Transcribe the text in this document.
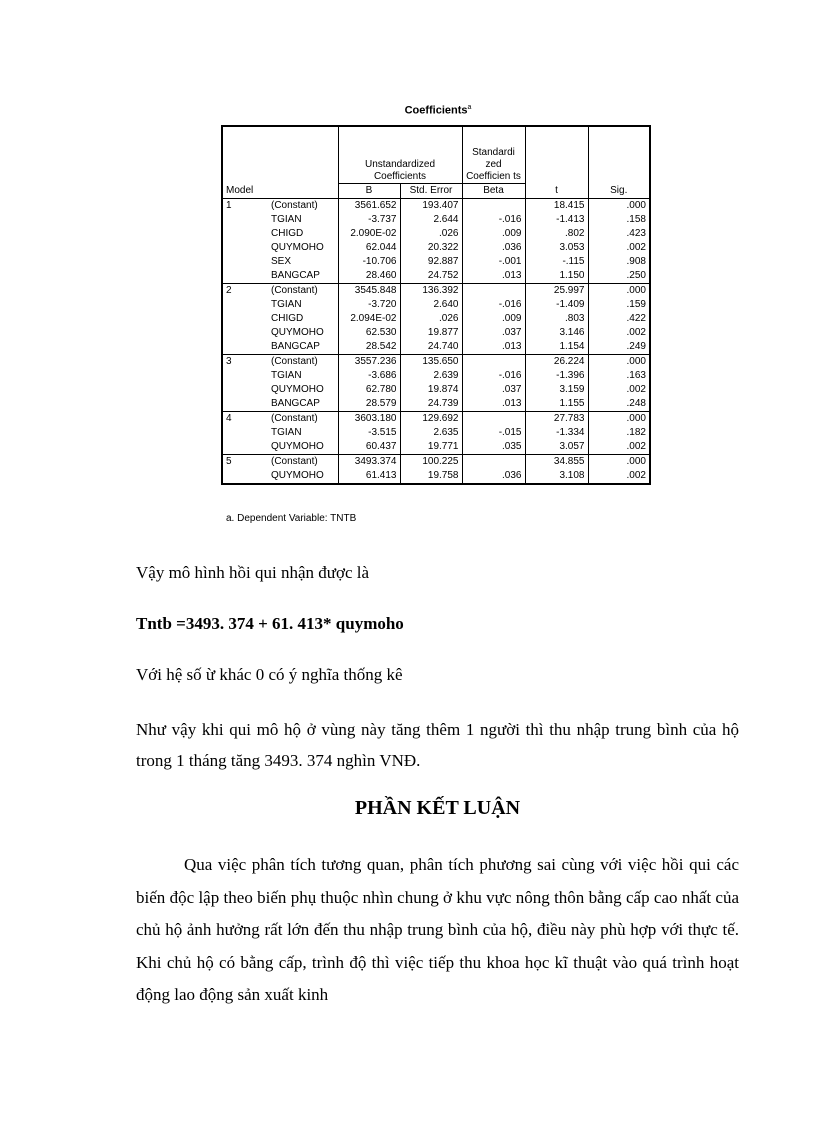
Coefficients$^a$
Model		Unstandardized Coefficients		Standardi zed Coefficien ts	t	Sig.

		B	Std. Error	Beta		
1	(Constant)	3561.652	193.407		18.415	.000
	TGIAN	-3.737	2.644	-.016	-1.413	.158
	CHIGD	2.090E-02	.026	.009	.802	.423
	QUYMOHO	62.044	20.322	.036	3.053	.002
	SEX	-10.706	92.887	-.001	-.115	.908
	BANGCAP	28.460	24.752	.013	1.150	.250
2	(Constant)	3545.848	136.392		25.997	.000
	TGIAN	-3.720	2.640	-.016	-1.409	.159
	CHIGD	2.094E-02	.026	.009	.803	.422
	QUYMOHO	62.530	19.877	.037	3.146	.002
	BANGCAP	28.542	24.740	.013	1.154	.249
3	(Constant)	3557.236	135.650		26.224	.000
	TGIAN	-3.686	2.639	-.016	-1.396	.163
	QUYMOHO	62.780	19.874	.037	3.159	.002
	BANGCAP	28.579	24.739	.013	1.155	.248
4	(Constant)	3603.180	129.692		27.783	.000
	TGIAN	-3.515	2.635	-.015	-1.334	.182
	QUYMOHO	60.437	19.771	.035	3.057	.002
5	(Constant)	3493.374	100.225		34.855	.000
	QUYMOHO	61.413	19.758	.036	3.108	.002
a. Dependent Variable: TNTB

Vậy mô hình hồi qui nhận được là

Tntb =3493. 374 + 61. 413* quymoho

Với hệ số ừ khác 0 có ý nghĩa thống kê

Như vậy khi qui mô hộ ở vùng này tăng thêm 1 người thì thu nhập trung bình của hộ trong 1 tháng tăng 3493. 374 nghìn VNĐ.

PHẦN KẾT LUẬN

Qua việc phân tích tương quan, phân tích phương sai cùng với việc hồi qui các biến độc lập theo biến phụ thuộc nhìn chung ở khu vực nông thôn bằng cấp cao nhất của chủ hộ ảnh hưởng rất lớn đến thu nhập trung bình của hộ, điều này phù hợp với thực tế. Khi chủ hộ có bằng cấp, trình độ thì việc tiếp thu khoa học kĩ thuật vào quá trình hoạt động lao động sản xuất kinh
